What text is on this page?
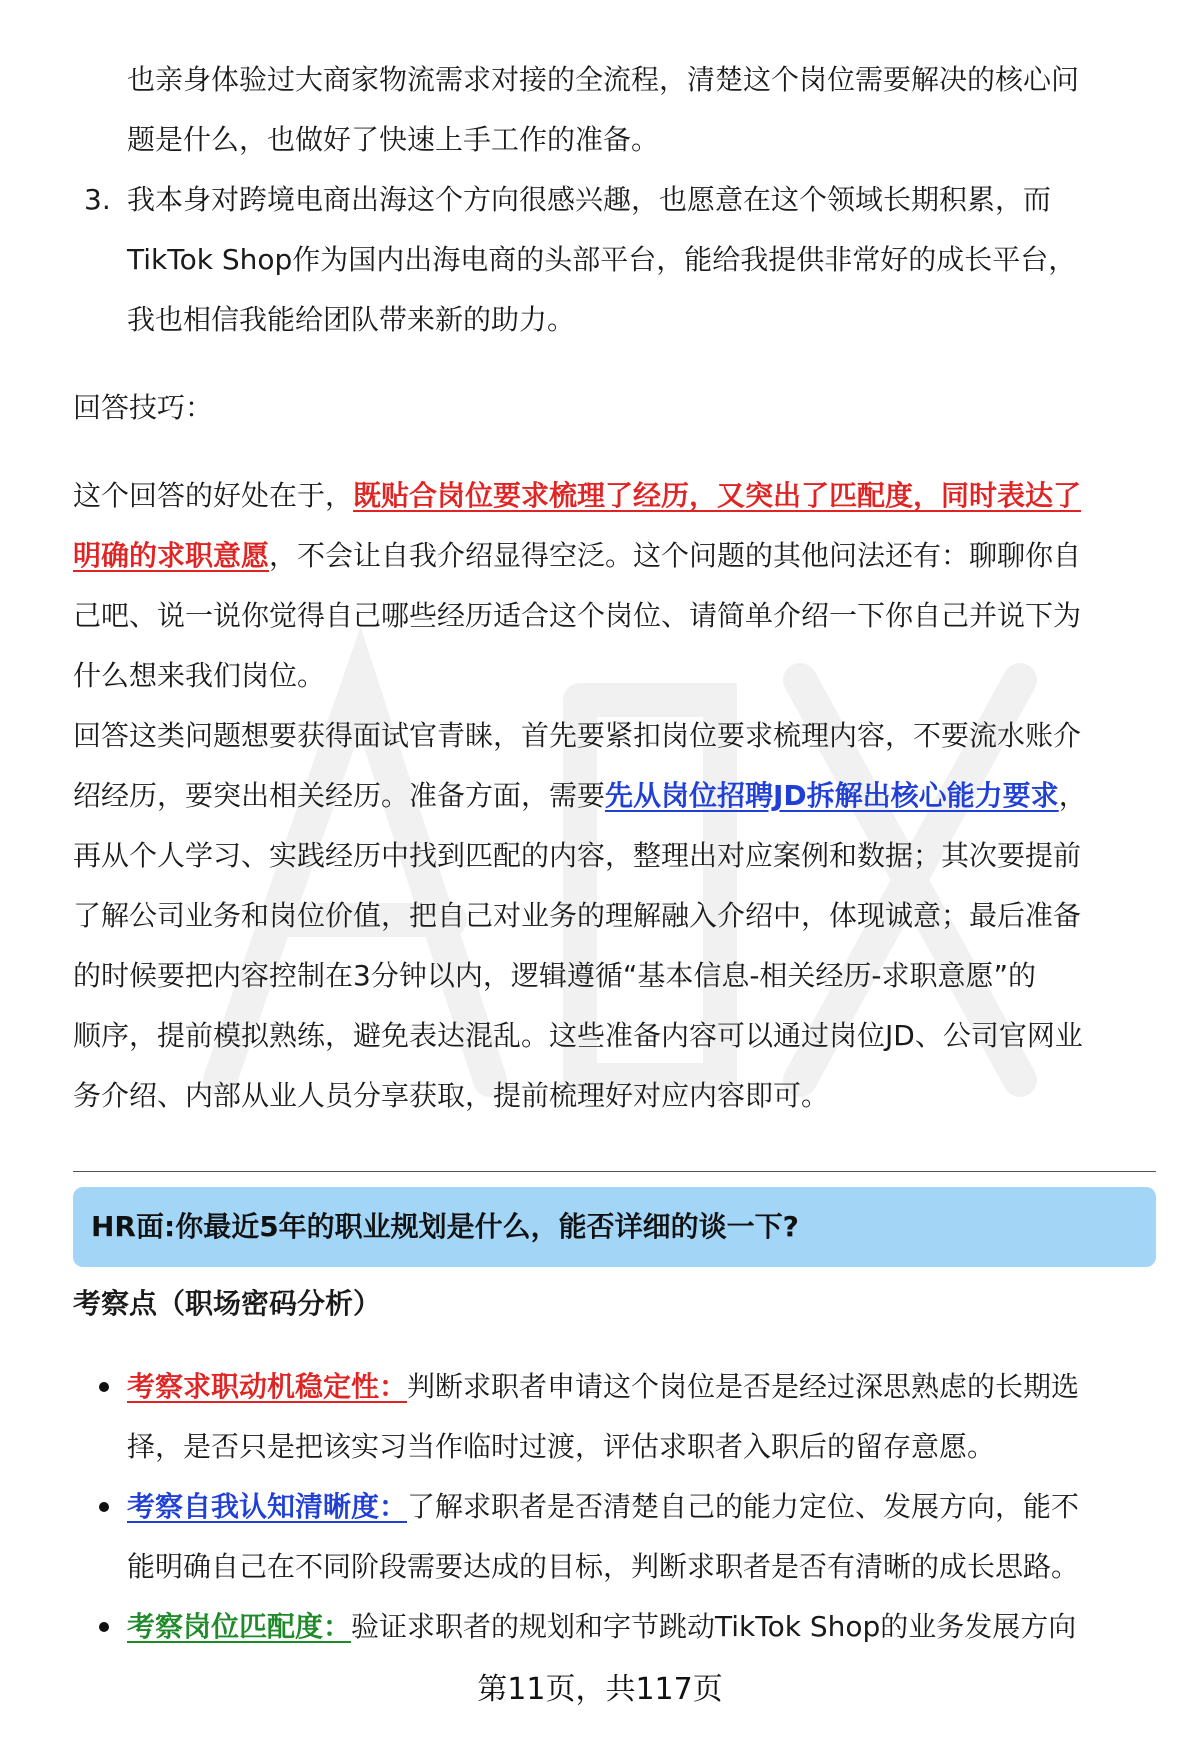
也亲身体验过大商家物流需求对接的全流程，清楚这个岗位需要解决的核心问
题是什么，也做好了快速上手工作的准备。
3. 我本身对跨境电商出海这个方向很感兴趣，也愿意在这个领域长期积累，而
TikTok Shop作为国内出海电商的头部平台，能给我提供非常好的成长平台，
我也相信我能给团队带来新的助力。
回答技巧：
这个回答的好处在于，既贴合岗位要求梳理了经历，又突出了匹配度，同时表达了
明确的求职意愿，不会让自我介绍显得空泛。这个问题的其他问法还有：聊聊你自
己吧、说一说你觉得自己哪些经历适合这个岗位、请简单介绍一下你自己并说下为
什么想来我们岗位。
回答这类问题想要获得面试官青睐，首先要紧扣岗位要求梳理内容，不要流水账介
绍经历，要突出相关经历。准备方面，需要先从岗位招聘JD拆解出核心能力要求，
再从个人学习、实践经历中找到匹配的内容，整理出对应案例和数据；其次要提前
了解公司业务和岗位价值，把自己对业务的理解融入介绍中，体现诚意；最后准备
的时候要把内容控制在3分钟以内，逻辑遵循“基本信息-相关经历-求职意愿”的
顺序，提前模拟熟练，避免表达混乱。这些准备内容可以通过岗位JD、公司官网业
务介绍、内部从业人员分享获取，提前梳理好对应内容即可。
HR面:你最近5年的职业规划是什么，能否详细的谈一下?
考察点（职场密码分析）
考察求职动机稳定性：判断求职者申请这个岗位是否是经过深思熟虑的长期选
择，是否只是把该实习当作临时过渡，评估求职者入职后的留存意愿。
考察自我认知清晰度：了解求职者是否清楚自己的能力定位、发展方向，能不
能明确自己在不同阶段需要达成的目标，判断求职者是否有清晰的成长思路。
考察岗位匹配度：验证求职者的规划和字节跳动TikTok Shop的业务发展方向
第11页，共117页
